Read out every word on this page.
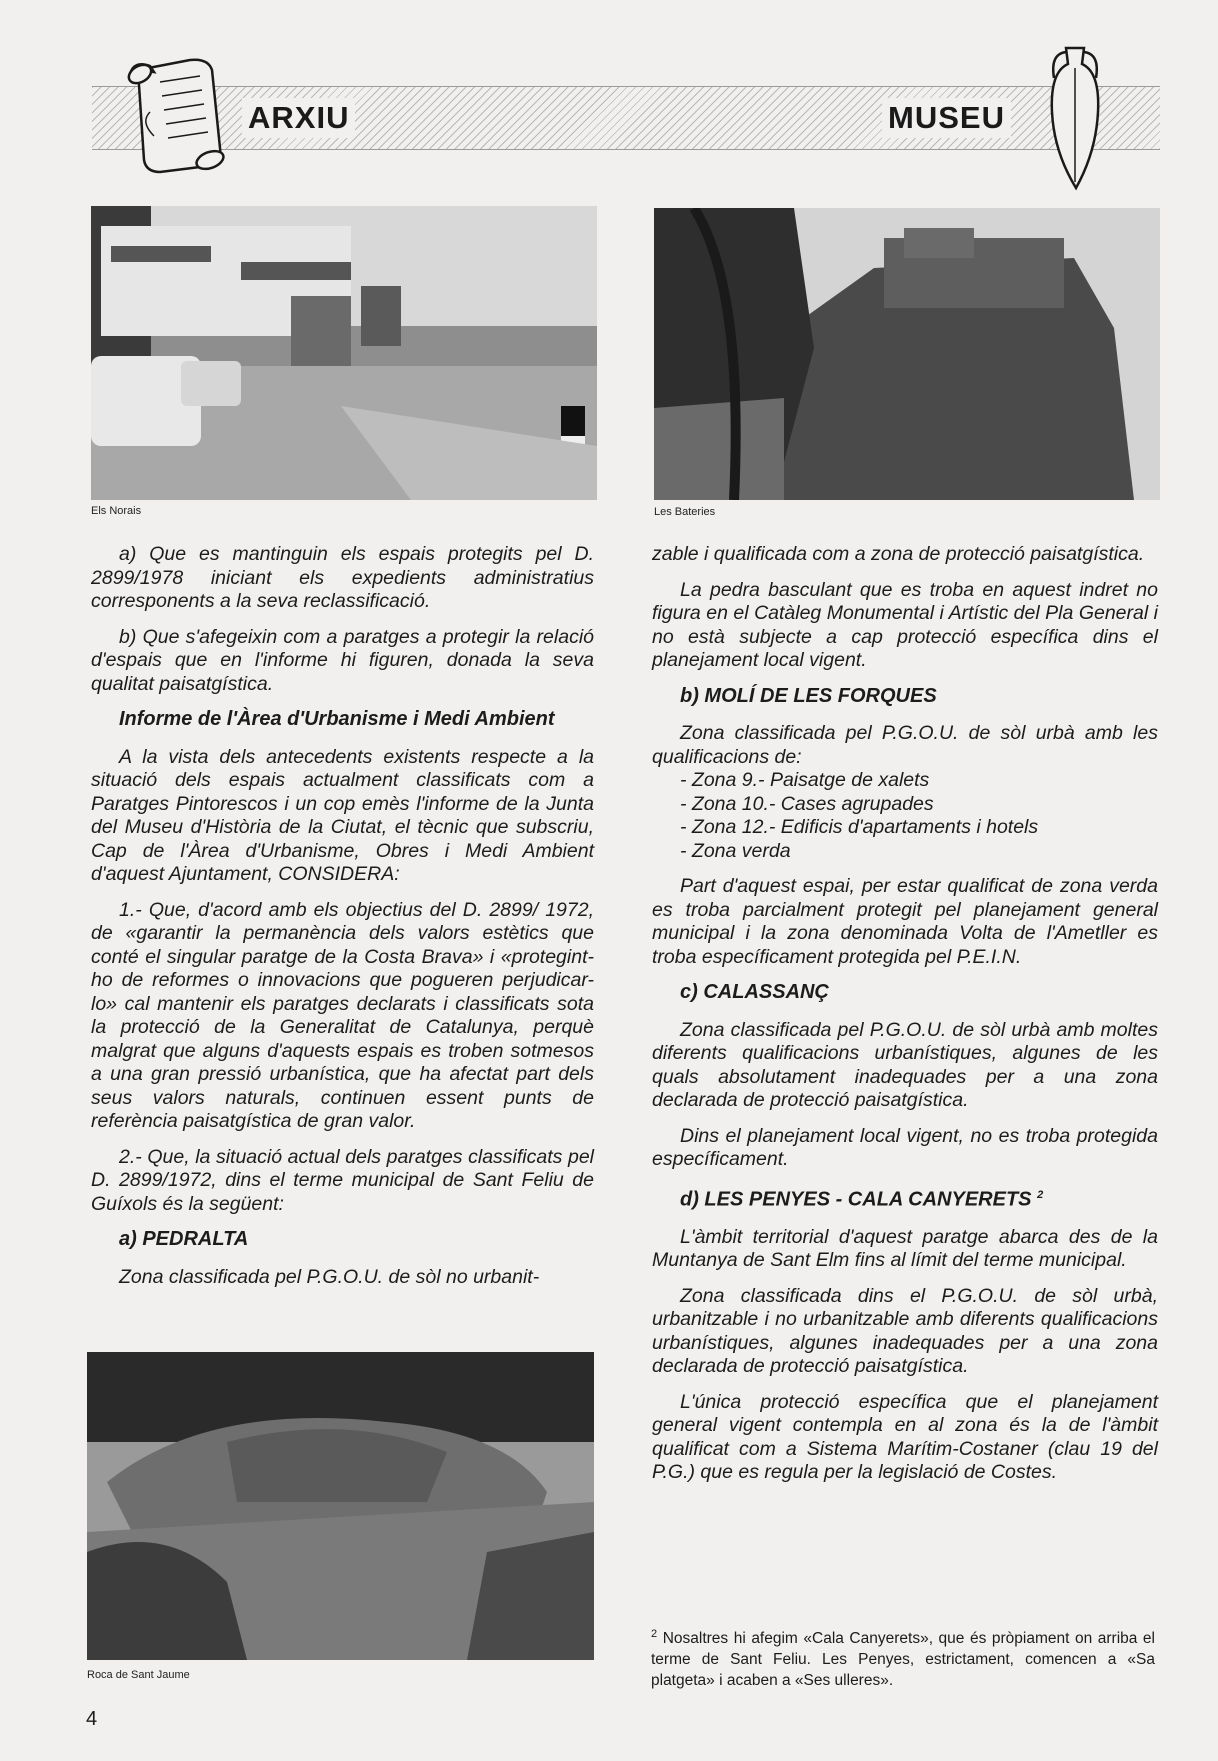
ARXIU	MUSEU
Els Norais	Les Bateries
Roca de Sant Jaume

a) Que es mantinguin els espais protegits pel D. 2899/1978 iniciant els expedients administratius corresponents a la seva reclassificació.

b) Que s'afegeixin com a paratges a protegir la relació d'espais que en l'informe hi figuren, donada la seva qualitat paisatgística.

Informe de l'Àrea d'Urbanisme i Medi Ambient

A la vista dels antecedents existents respecte a la situació dels espais actualment classificats com a Paratges Pintorescos i un cop emès l'informe de la Junta del Museu d'Història de la Ciutat, el tècnic que subscriu, Cap de l'Àrea d'Urbanisme, Obres i Medi Ambient d'aquest Ajuntament, CONSIDERA:

1.- Que, d'acord amb els objectius del D. 2899/ 1972, de «garantir la permanència dels valors estètics que conté el singular paratge de la Costa Brava» i «protegint-ho de reformes o innovacions que pogueren perjudicar-lo» cal mantenir els paratges declarats i classificats sota la protecció de la Generalitat de Catalunya, perquè malgrat que alguns d'aquests espais es troben sotmesos a una gran pressió urbanística, que ha afectat part dels seus valors naturals, continuen essent punts de referència paisatgística de gran valor.

2.- Que, la situació actual dels paratges classificats pel D. 2899/1972, dins el terme municipal de Sant Feliu de Guíxols és la següent:

a) PEDRALTA

Zona classificada pel P.G.O.U. de sòl no urbanit-

zable i qualificada com a zona de protecció paisatgística.

La pedra basculant que es troba en aquest indret no figura en el Catàleg Monumental i Artístic del Pla General i no està subjecte a cap protecció específica dins el planejament local vigent.

b) MOLÍ DE LES FORQUES

Zona classificada pel P.G.O.U. de sòl urbà amb les qualificacions de:

- Zona 9.- Paisatge de xalets
- Zona 10.- Cases agrupades
- Zona 12.- Edificis d'apartaments i hotels
- Zona verda

Part d'aquest espai, per estar qualificat de zona verda es troba parcialment protegit pel planejament general municipal i la zona denominada Volta de l'Ametller es troba específicament protegida pel P.E.I.N.

c) CALASSANÇ

Zona classificada pel P.G.O.U. de sòl urbà amb moltes diferents qualificacions urbanístiques, algunes de les quals absolutament inadequades per a una zona declarada de protecció paisatgística.

Dins el planejament local vigent, no es troba protegida específicament.

d) LES PENYES - CALA CANYERETS $^2$

L'àmbit territorial d'aquest paratge abarca des de la Muntanya de Sant Elm fins al límit del terme municipal.

Zona classificada dins el P.G.O.U. de sòl urbà, urbanitzable i no urbanitzable amb diferents qualificacions urbanístiques, algunes inadequades per a una zona declarada de protecció paisatgística.

L'única protecció específica que el planejament general vigent contempla en al zona és la de l'àmbit qualificat com a Sistema Marítim-Costaner (clau 19 del P.G.) que es regula per la legislació de Costes.

$^2$ Nosaltres hi afegim «Cala Canyerets», que és pròpiament on arriba el terme de Sant Feliu. Les Penyes, estrictament, comencen a «Sa platgeta» i acaben a «Ses ulleres».
4
